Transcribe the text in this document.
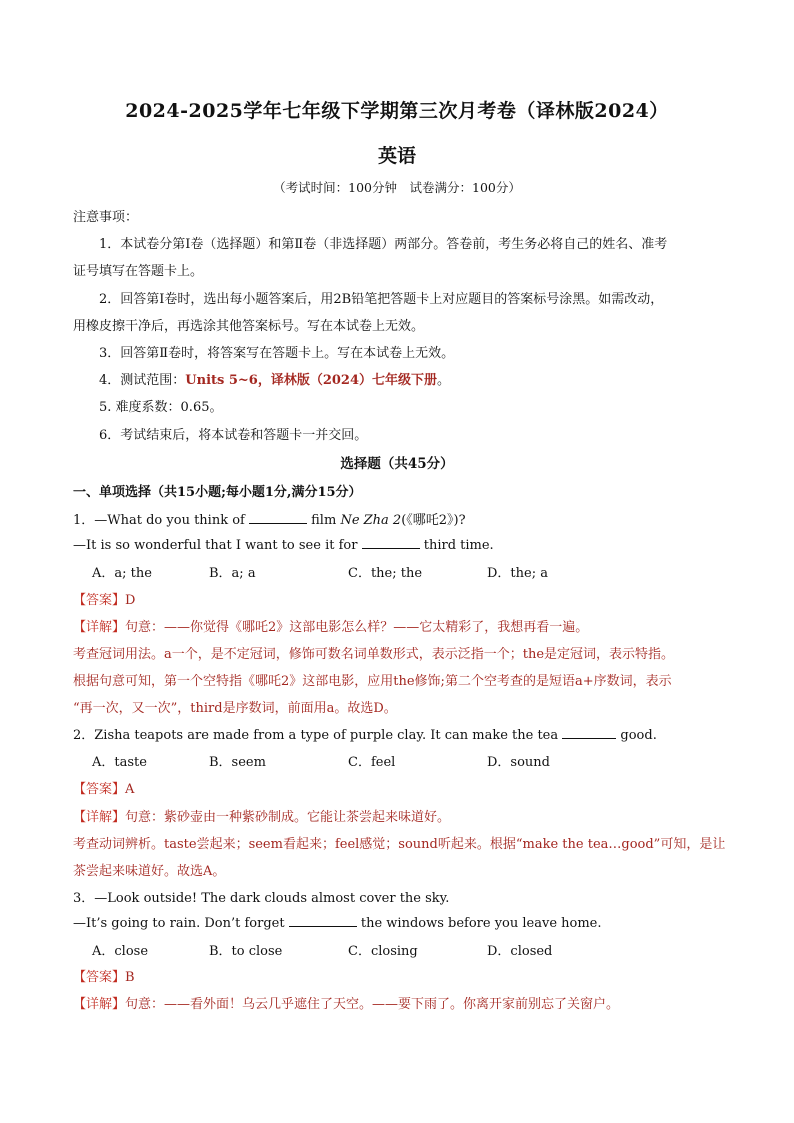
2024-2025学年七年级下学期第三次月考卷（译林版2024）
英语
（考试时间：100分钟　试卷满分：100分）
注意事项：
1．本试卷分第Ⅰ卷（选择题）和第Ⅱ卷（非选择题）两部分。答卷前，考生务必将自己的姓名、准考
证号填写在答题卡上。
2．回答第Ⅰ卷时，选出每小题答案后，用2B铅笔把答题卡上对应题目的答案标号涂黑。如需改动，
用橡皮擦干净后，再选涂其他答案标号。写在本试卷上无效。
3．回答第Ⅱ卷时，将答案写在答题卡上。写在本试卷上无效。
4．测试范围：Units 5~6，译林版（2024）七年级下册。
5. 难度系数：0.65。
6．考试结束后，将本试卷和答题卡一并交回。
选择题（共45分）
一、单项选择（共15小题;每小题1分,满分15分）
1．—What do you think of	film Ne Zha 2(《哪吒2》)?
—It is so wonderful that I want to see it for	third time.
A．a; the	B．a; a	C．the; the	D．the; a
【答案】D
【详解】句意：——你觉得《哪吒2》这部电影怎么样？——它太精彩了，我想再看一遍。
考查冠词用法。a一个，是不定冠词，修饰可数名词单数形式，表示泛指一个；the是定冠词，表示特指。
根据句意可知，第一个空特指《哪吒2》这部电影，应用the修饰;第二个空考查的是短语a+序数词，表示
“再一次，又一次”，third是序数词，前面用a。故选D。
2．Zisha teapots are made from a type of purple clay. It can make the tea	good.
A．taste	B．seem	C．feel	D．sound
【答案】A
【详解】句意：紫砂壶由一种紫砂制成。它能让茶尝起来味道好。
考查动词辨析。taste尝起来；seem看起来；feel感觉；sound听起来。根据“make the tea…good”可知，是让
茶尝起来味道好。故选A。
3．—Look outside! The dark clouds almost cover the sky.
—It’s going to rain. Don’t forget	the windows before you leave home.
A．close	B．to close	C．closing	D．closed
【答案】B
【详解】句意：——看外面！乌云几乎遮住了天空。——要下雨了。你离开家前别忘了关窗户。
